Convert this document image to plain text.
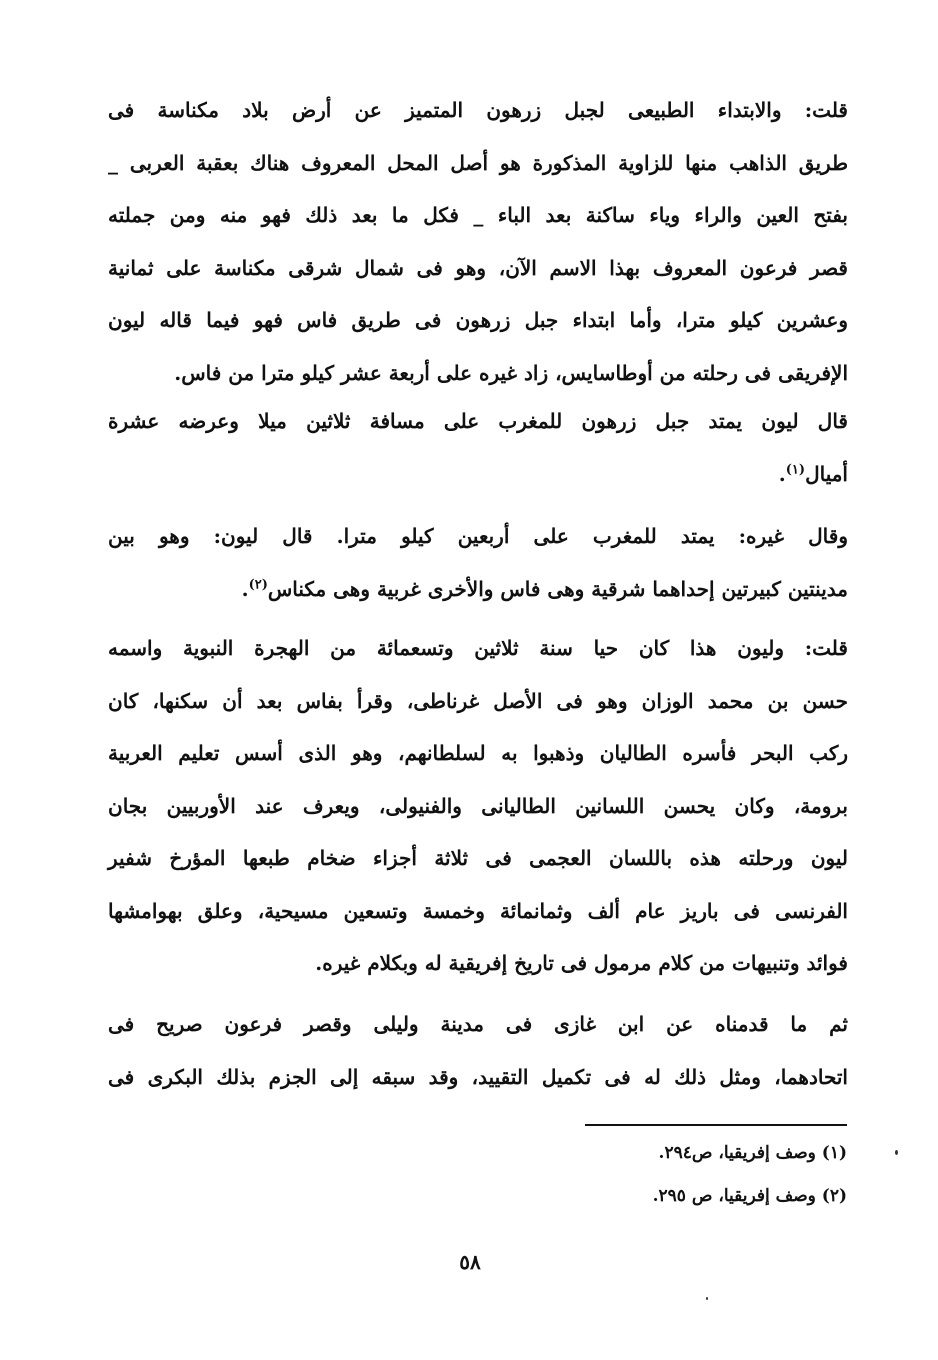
قلت: والابتداء الطبيعى لجبل زرهون المتميز عن أرض بلاد مكناسة فى
طريق الذاهب منها للزاوية المذكورة هو أصل المحل المعروف هناك بعقبة العربى _
بفتح العين والراء وياء ساكنة بعد الباء _ فكل ما بعد ذلك فهو منه ومن جملته
قصر فرعون المعروف بهذا الاسم الآن، وهو فى شمال شرقى مكناسة على ثمانية
وعشرين كيلو مترا، وأما ابتداء جبل زرهون فى طريق فاس فهو فيما قاله ليون
الإفريقى فى رحلته من أوطاسايس، زاد غيره على أربعة عشر كيلو مترا من فاس.
قال ليون يمتد جبل زرهون للمغرب على مسافة ثلاثين ميلا وعرضه عشرة
أميال$^{(١)}$.
وقال غيره: يمتد للمغرب على أربعين كيلو مترا. قال ليون: وهو بين
مدينتين كبيرتين إحداهما شرقية وهى فاس والأخرى غربية وهى مكناس$^{(٢)}$.
قلت: وليون هذا كان حيا سنة ثلاثين وتسعمائة من الهجرة النبوية واسمه
حسن بن محمد الوزان وهو فى الأصل غرناطى، وقرأ بفاس بعد أن سكنها، كان
ركب البحر فأسره الطاليان وذهبوا به لسلطانهم، وهو الذى أسس تعليم العربية
برومة، وكان يحسن اللسانين الطاليانى والفنيولى، ويعرف عند الأوربيين بجان
ليون ورحلته هذه باللسان العجمى فى ثلاثة أجزاء ضخام طبعها المؤرخ شفير
الفرنسى فى باريز عام ألف وثمانمائة وخمسة وتسعين مسيحية، وعلق بهوامشها
فوائد وتنبيهات من كلام مرمول فى تاريخ إفريقية له وبكلام غيره.
ثم ما قدمناه عن ابن غازى فى مدينة وليلى وقصر فرعون صريح فى
اتحادهما، ومثل ذلك له فى تكميل التقييد، وقد سبقه إلى الجزم بذلك البكرى فى
(١) وصف إفريقيا، ص٢٩٤.
(٢) وصف إفريقيا، ص ٢٩٥.
٥٨
